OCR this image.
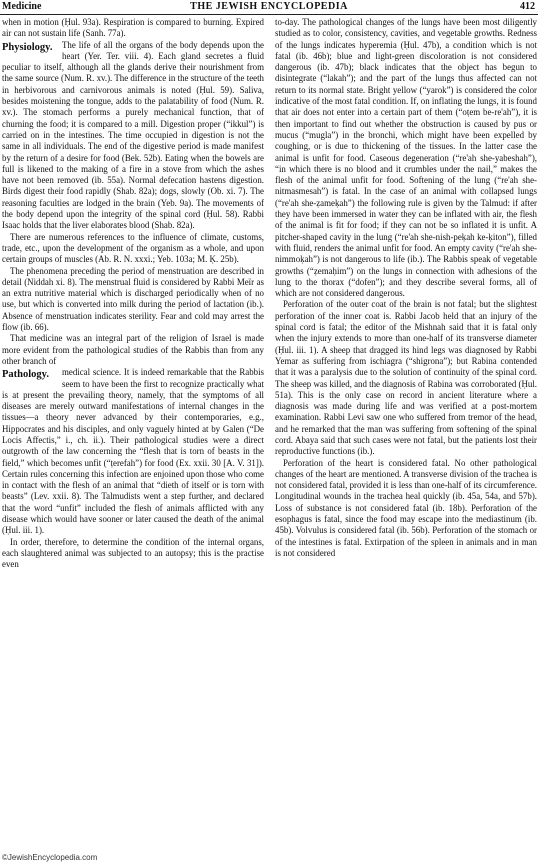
Medicine	THE JEWISH ENCYCLOPEDIA	412

when in motion (Ḥul. 93a). Respiration is compared to burning. Expired air can not sustain life (Sanh. 77a).

Physiology.	The life of all the organs of the body depends upon the heart (Yer. Ter. viii. 4). Each gland secretes a fluid peculiar to itself, although all the glands derive their nourishment from the same source (Num. R. xv.). The difference in the structure of the teeth in herbivorous and carnivorous animals is noted (Ḥul. 59). Saliva, besides moistening the tongue, adds to the palatability of food (Num. R. xv.). The stomach performs a purely mechanical function, that of churning the food; it is compared to a mill. Digestion proper (“ikkul”) is carried on in the intestines. The time occupied in digestion is not the same in all individuals. The end of the digestive period is made manifest by the return of a desire for food (Bek. 52b). Eating when the bowels are full is likened to the making of a fire in a stove from which the ashes have not been removed (ib. 55a). Normal defecation hastens digestion. Birds digest their food rapidly (Shab. 82a); dogs, slowly (Ob. xi. 7). The reasoning faculties are lodged in the brain (Yeb. 9a). The movements of the body depend upon the integrity of the spinal cord (Ḥul. 58). Rabbi Isaac holds that the liver elaborates blood (Shab. 82a).

There are numerous references to the influence of climate, customs, trade, etc., upon the development of the organism as a whole, and upon certain groups of muscles (Ab. R. N. xxxi.; Yeb. 103a; M. Ḳ. 25b).

The phenomena preceding the period of menstruation are described in detail (Niddah xi. 8). The menstrual fluid is considered by Rabbi Meïr as an extra nutritive material which is discharged periodically when of no use, but which is converted into milk during the period of lactation (ib.). Absence of menstruation indicates sterility. Fear and cold may arrest the flow (ib. 66).

That medicine was an integral part of the religion of Israel is made more evident from the pathological studies of the Rabbis than from any other branch of

Pathology.	medical science. It is indeed remarkable that the Rabbis seem to have been the first to recognize practically what is at present the prevailing theory, namely, that the symptoms of all diseases are merely outward manifestations of internal changes in the tissues—a theory never advanced by their contemporaries, e.g., Hippocrates and his disciples, and only vaguely hinted at by Galen (“De Locis Affectis,” i., ch. ii.). Their pathological studies were a direct outgrowth of the law concerning the “flesh that is torn of beasts in the field,” which becomes unfit (“ṭerefah”) for food (Ex. xxii. 30 [A. V. 31]). Certain rules concerning this infection are enjoined upon those who come in contact with the flesh of an animal that “dieth of itself or is torn with beasts” (Lev. xxii. 8). The Talmudists went a step further, and declared that the word “unfit” included the flesh of animals afflicted with any disease which would have sooner or later caused the death of the animal (Ḥul. iii. 1).

In order, therefore, to determine the condition of the internal organs, each slaughtered animal was subjected to an autopsy; this is the practise even

to-day. The pathological changes of the lungs have been most diligently studied as to color, consistency, cavities, and vegetable growths. Redness of the lungs indicates hyperemia (Ḥul. 47b), a condition which is not fatal (ib. 46b); blue and light-green discoloration is not considered dangerous (ib. 47b); black indicates that the object has begun to disintegrate (“lakah”); and the part of the lungs thus affected can not return to its normal state. Bright yellow (“yarok”) is considered the color indicative of the most fatal condition. If, on inflating the lungs, it is found that air does not enter into a certain part of them (“oṭem be-re'ah”), it is then important to find out whether the obstruction is caused by pus or mucus (“mugla”) in the bronchi, which might have been expelled by coughing, or is due to thickening of the tissues. In the latter case the animal is unfit for food. Caseous degeneration (“re'ah she-yabeshah”), “in which there is no blood and it crumbles under the nail,” makes the flesh of the animal unfit for food. Softening of the lung (“re'ah she-nitmasmesah”) is fatal. In the case of an animal with collapsed lungs (“re'ah she-ẓameḳah”) the following rule is given by the Talmud: if after they have been immersed in water they can be inflated with air, the flesh of the animal is fit for food; if they can not be so inflated it is unfit. A pitcher-shaped cavity in the lung (“re'ah she-nish-peḳah ke-ḳiton”), filled with fluid, renders the animal unfit for food. An empty cavity (“re'ah she-nimmoḳah”) is not dangerous to life (ib.). The Rabbis speak of vegetable growths (“ẓemaḥim”) on the lungs in connection with adhesions of the lung to the thorax (“dofen”); and they describe several forms, all of which are not considered dangerous.

Perforation of the outer coat of the brain is not fatal; but the slightest perforation of the inner coat is. Rabbi Jacob held that an injury of the spinal cord is fatal; the editor of the Mishnah said that it is fatal only when the injury extends to more than one-half of its transverse diameter (Ḥul. iii. 1). A sheep that dragged its hind legs was diagnosed by Rabbi Yemar as suffering from ischiagra (“shigrona”); but Rabina contended that it was a paralysis due to the solution of continuity of the spinal cord. The sheep was killed, and the diagnosis of Rabina was corroborated (Ḥul. 51a). This is the only case on record in ancient literature where a diagnosis was made during life and was verified at a post-mortem examination. Rabbi Levi saw one who suffered from tremor of the head, and he remarked that the man was suffering from softening of the spinal cord. Abaya said that such cases were not fatal, but the patients lost their reproductive functions (ib.).

Perforation of the heart is considered fatal. No other pathological changes of the heart are mentioned. A transverse division of the trachea is not considered fatal, provided it is less than one-half of its circumference. Longitudinal wounds in the trachea heal quickly (ib. 45a, 54a, and 57b). Loss of substance is not considered fatal (ib. 18b). Perforation of the esophagus is fatal, since the food may escape into the mediastinum (ib. 45b). Volvulus is considered fatal (ib. 56b). Perforation of the stomach or of the intestines is fatal. Extirpation of the spleen in animals and in man is not considered

©JewishEncyclopedia.com
